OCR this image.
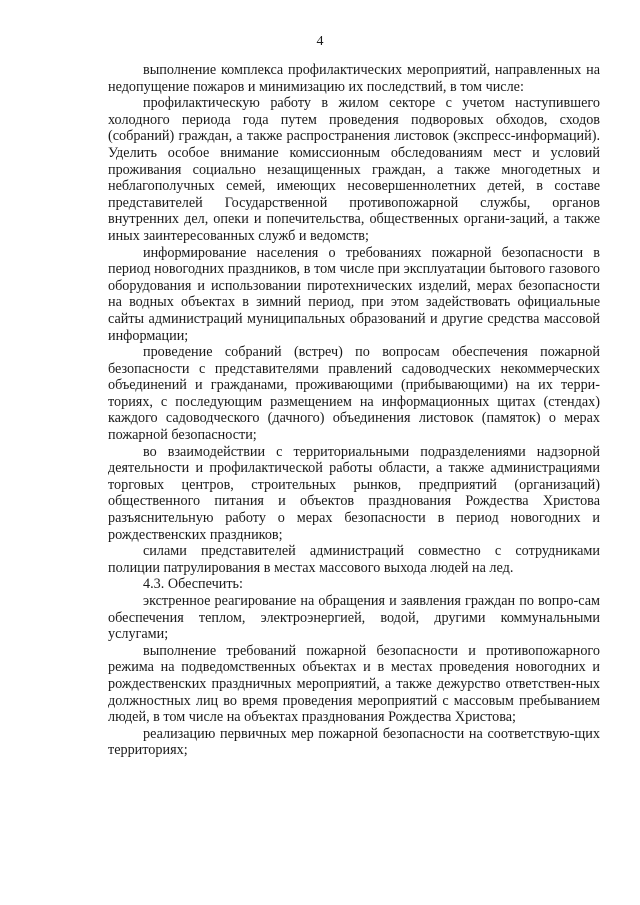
4

выполнение комплекса профилактических мероприятий, направленных на недопущение пожаров и минимизацию их последствий, в том числе:

профилактическую работу в жилом секторе с учетом наступившего холодного периода года путем проведения подворовых обходов, сходов (собраний) граждан, а также распространения листовок (экспресс-информаций). Уделить особое внимание комиссионным обследованиям мест и условий проживания социально незащищенных граждан, а также многодетных и неблагополучных семей, имеющих несовершеннолетних детей, в составе представителей Государственной противопожарной службы, органов внутренних дел, опеки и попечительства, общественных органи-заций, а также иных заинтересованных служб и ведомств;

информирование населения о требованиях пожарной безопасности в период новогодних праздников, в том числе при эксплуатации бытового газового оборудования и использовании пиротехнических изделий, мерах безопасности на водных объектах в зимний период, при этом задействовать официальные сайты администраций муниципальных образований и другие средства массовой информации;

проведение собраний (встреч) по вопросам обеспечения пожарной безопасности с представителями правлений садоводческих некоммерческих объединений и гражданами, проживающими (прибывающими) на их терри-ториях, с последующим размещением на информационных щитах (стендах) каждого садоводческого (дачного) объединения листовок (памяток) о мерах пожарной безопасности;

во взаимодействии с территориальными подразделениями надзорной деятельности и профилактической работы области, а также администрациями торговых центров, строительных рынков, предприятий (организаций) общественного питания и объектов празднования Рождества Христова разъяснительную работу о мерах безопасности в период новогодних и рождественских праздников;

силами представителей администраций совместно с сотрудниками полиции патрулирования в местах массового выхода людей на лед.

4.3. Обеспечить:

экстренное реагирование на обращения и заявления граждан по вопро-сам обеспечения теплом, электроэнергией, водой, другими коммунальными услугами;

выполнение требований пожарной безопасности и противопожарного режима на подведомственных объектах и в местах проведения новогодних и рождественских праздничных мероприятий, а также дежурство ответствен-ных должностных лиц во время проведения мероприятий с массовым пребыванием людей, в том числе на объектах празднования Рождества Христова;

реализацию первичных мер пожарной безопасности на соответствую-щих территориях;
